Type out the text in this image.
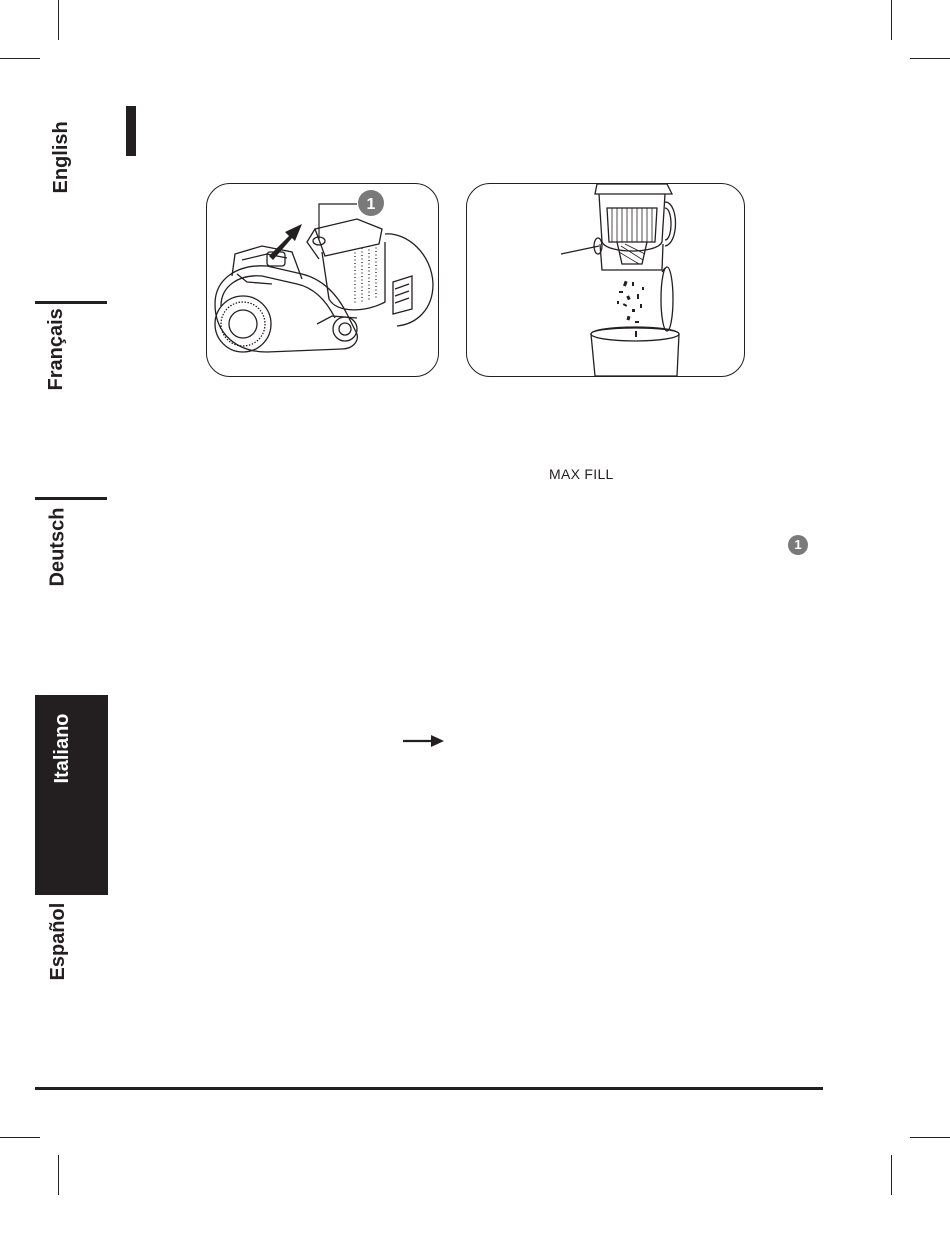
English
Français
Deutsch
Italiano
Español
1
MAX FILL
1
